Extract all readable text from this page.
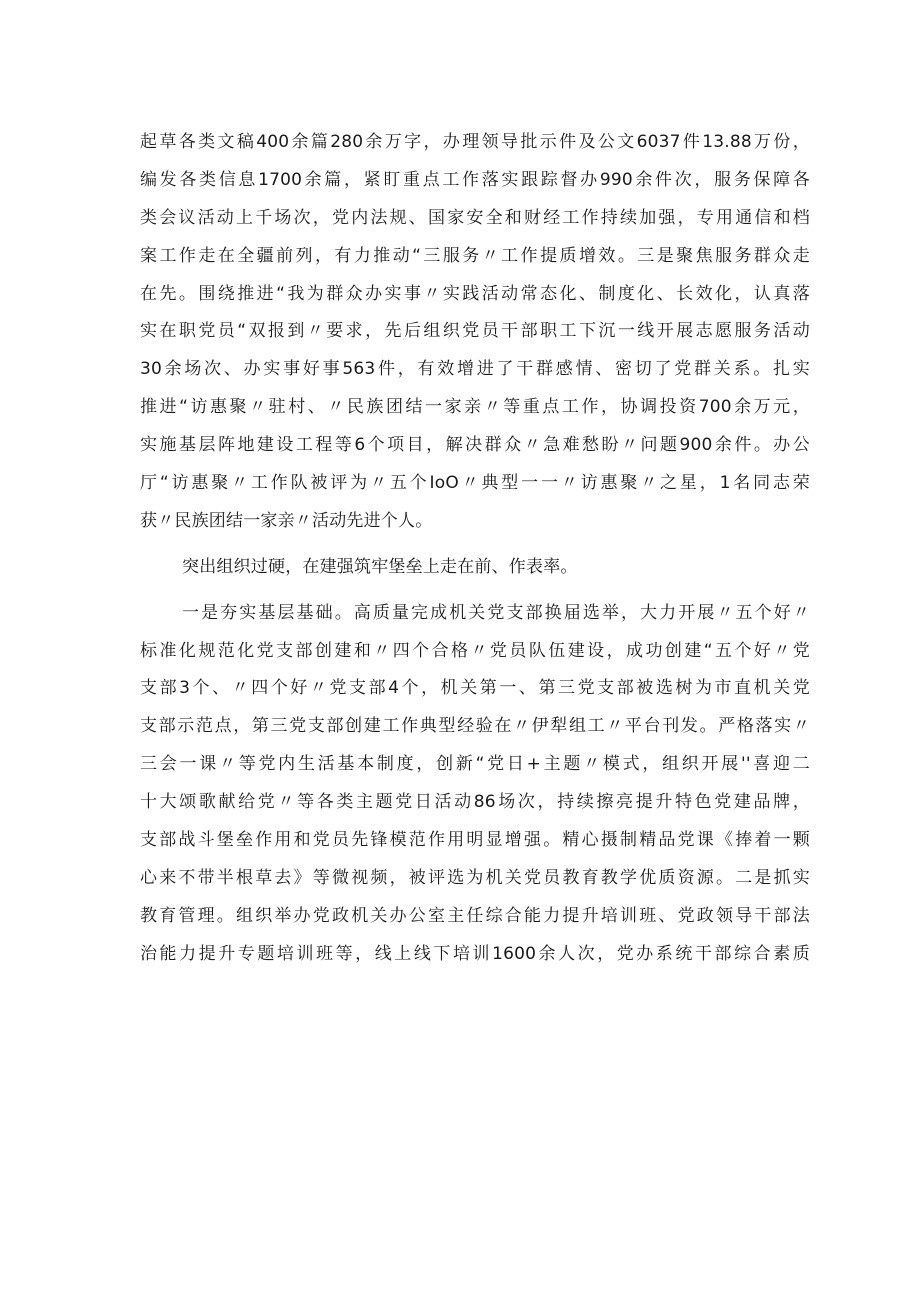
起草各类文稿400余篇280余万字，办理领导批示件及公文6037件13.88万份，
编发各类信息1700余篇，紧盯重点工作落实跟踪督办990余件次，服务保障各
类会议活动上千场次，党内法规、国家安全和财经工作持续加强，专用通信和档
案工作走在全疆前列，有力推动“三服务〃工作提质增效。三是聚焦服务群众走
在先。围绕推进“我为群众办实事〃实践活动常态化、制度化、长效化，认真落
实在职党员“双报到〃要求，先后组织党员干部职工下沉一线开展志愿服务活动
30余场次、办实事好事563件，有效增进了干群感情、密切了党群关系。扎实
推进“访惠聚〃驻村、〃民族团结一家亲〃等重点工作，协调投资700余万元，
实施基层阵地建设工程等6个项目，解决群众〃急难愁盼〃问题900余件。办公
厅“访惠聚〃工作队被评为〃五个IoO〃典型一一〃访惠聚〃之星，1名同志荣
获〃民族团结一家亲〃活动先进个人。
突出组织过硬，在建强筑牢堡垒上走在前、作表率。
一是夯实基层基础。高质量完成机关党支部换届选举，大力开展〃五个好〃
标准化规范化党支部创建和〃四个合格〃党员队伍建设，成功创建“五个好〃党
支部3个、〃四个好〃党支部4个，机关第一、第三党支部被选树为市直机关党
支部示范点，第三党支部创建工作典型经验在〃伊犁组工〃平台刊发。严格落实〃
三会一课〃等党内生活基本制度，创新“党日+主题〃模式，组织开展''喜迎二
十大颂歌献给党〃等各类主题党日活动86场次，持续擦亮提升特色党建品牌，
支部战斗堡垒作用和党员先锋模范作用明显增强。精心摄制精品党课《捧着一颗
心来不带半根草去》等微视频，被评选为机关党员教育教学优质资源。二是抓实
教育管理。组织举办党政机关办公室主任综合能力提升培训班、党政领导干部法
治能力提升专题培训班等，线上线下培训1600余人次，党办系统干部综合素质
